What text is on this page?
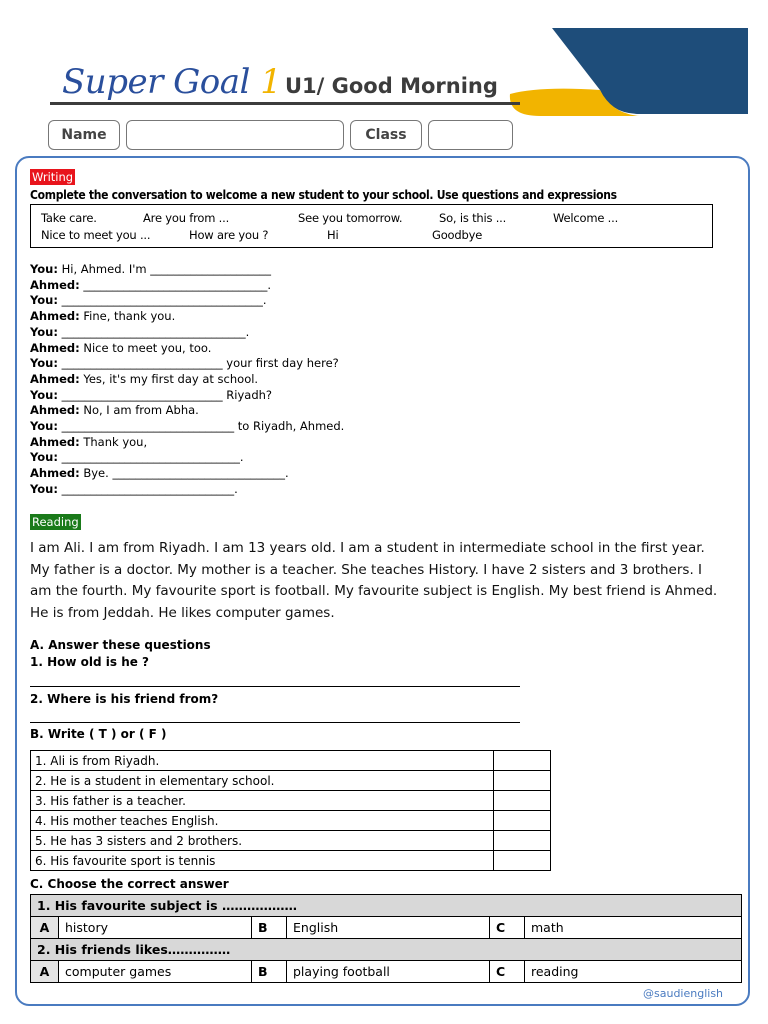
Super Goal 1 U1/ Good Morning
Name	Class
Writing
Complete the conversation to welcome a new student to your school. Use questions and expressions
Take care.	Are you from ...	See you tomorrow.	So, is this ...	Welcome ...
Nice to meet you ...	How are you ?	Hi	Goodbye
You: Hi, Ahmed. I'm _____________________
Ahmed: ________________________________.
You: ___________________________________.
Ahmed: Fine, thank you.
You: ________________________________.
Ahmed: Nice to meet you, too.
You: ____________________________ your first day here?
Ahmed: Yes, it's my first day at school.
You: ____________________________ Riyadh?
Ahmed: No, I am from Abha.
You: ______________________________ to Riyadh, Ahmed.
Ahmed: Thank you,
You: _______________________________.
Ahmed: Bye. ______________________________.
You: ______________________________.
Reading
I am Ali. I am from Riyadh. I am 13 years old. I am a student in intermediate school in the first year. My father is a doctor. My mother is a teacher. She teaches History. I have 2 sisters and 3 brothers. I am the fourth. My favourite sport is football. My favourite subject is English. My best friend is Ahmed. He is from Jeddah. He likes computer games.
A. Answer these questions
1. How old is he ?
2. Where is his friend from?
B. Write ( T ) or ( F )
1. Ali is from Riyadh.	
2. He is a student in elementary school.	
3. His father is a teacher.	
4. His mother teaches English.	
5. He has 3 sisters and 2 brothers.	
6. His favourite sport is tennis	
C. Choose the correct answer
1. His favourite subject is ………………					
A	history	B	English	C	math
2. His friends likes……………					
A	computer games	B	playing football	C	reading
@saudienglish
